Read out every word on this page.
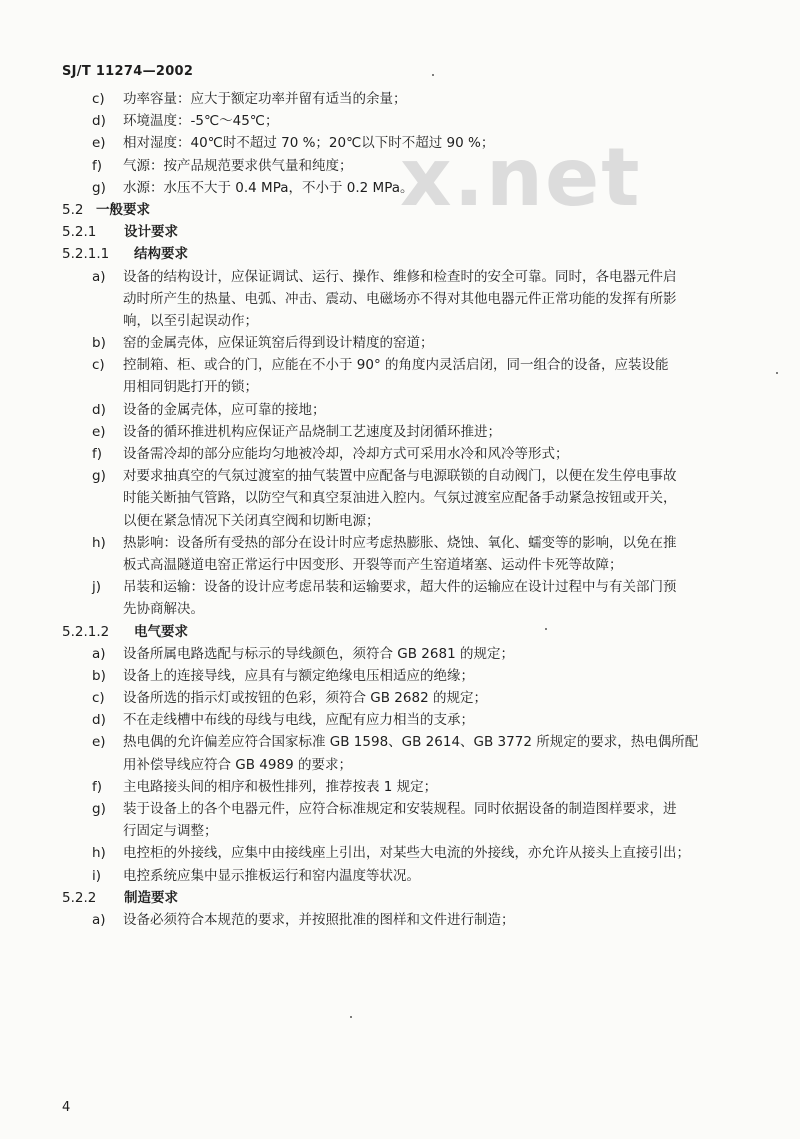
SJ/T 11274—2002
x.net
c) 功率容量：应大于额定功率并留有适当的余量；
d) 环境温度：-5℃～45℃；
e) 相对湿度：40℃时不超过 70 %；20℃以下时不超过 90 %；
f) 气源：按产品规范要求供气量和纯度；
g) 水源：水压不大于 0.4 MPa，不小于 0.2 MPa。
5.2 一般要求
5.2.1 设计要求
5.2.1.1 结构要求
a) 设备的结构设计，应保证调试、运行、操作、维修和检查时的安全可靠。同时，各电器元件启
动时所产生的热量、电弧、冲击、震动、电磁场亦不得对其他电器元件正常功能的发挥有所影
响，以至引起误动作；
b) 窑的金属壳体，应保证筑窑后得到设计精度的窑道；
c) 控制箱、柜、或合的门，应能在不小于 90° 的角度内灵活启闭，同一组合的设备，应装设能
用相同钥匙打开的锁；
d) 设备的金属壳体，应可靠的接地；
e) 设备的循环推进机构应保证产品烧制工艺速度及封闭循环推进；
f) 设备需冷却的部分应能均匀地被冷却，冷却方式可采用水冷和风冷等形式；
g) 对要求抽真空的气氛过渡室的抽气装置中应配备与电源联锁的自动阀门，以便在发生停电事故
时能关断抽气管路，以防空气和真空泵油进入腔内。气氛过渡室应配备手动紧急按钮或开关，
以便在紧急情况下关闭真空阀和切断电源；
h) 热影响：设备所有受热的部分在设计时应考虑热膨胀、烧蚀、氧化、蠕变等的影响，以免在推
板式高温隧道电窑正常运行中因变形、开裂等而产生窑道堵塞、运动件卡死等故障；
j) 吊装和运输：设备的设计应考虑吊装和运输要求，超大件的运输应在设计过程中与有关部门预
先协商解决。
5.2.1.2 电气要求
a) 设备所属电路选配与标示的导线颜色，须符合 GB 2681 的规定；
b) 设备上的连接导线，应具有与额定绝缘电压相适应的绝缘；
c) 设备所选的指示灯或按钮的色彩，须符合 GB 2682 的规定；
d) 不在走线槽中布线的母线与电线，应配有应力相当的支承；
e) 热电偶的允许偏差应符合国家标准 GB 1598、GB 2614、GB 3772 所规定的要求，热电偶所配
用补偿导线应符合 GB 4989 的要求；
f) 主电路接头间的相序和极性排列，推荐按表 1 规定；
g) 装于设备上的各个电器元件，应符合标准规定和安装规程。同时依据设备的制造图样要求，进
行固定与调整；
h) 电控柜的外接线，应集中由接线座上引出，对某些大电流的外接线，亦允许从接头上直接引出；
i) 电控系统应集中显示推板运行和窑内温度等状况。
5.2.2 制造要求
a) 设备必须符合本规范的要求，并按照批准的图样和文件进行制造；
4
